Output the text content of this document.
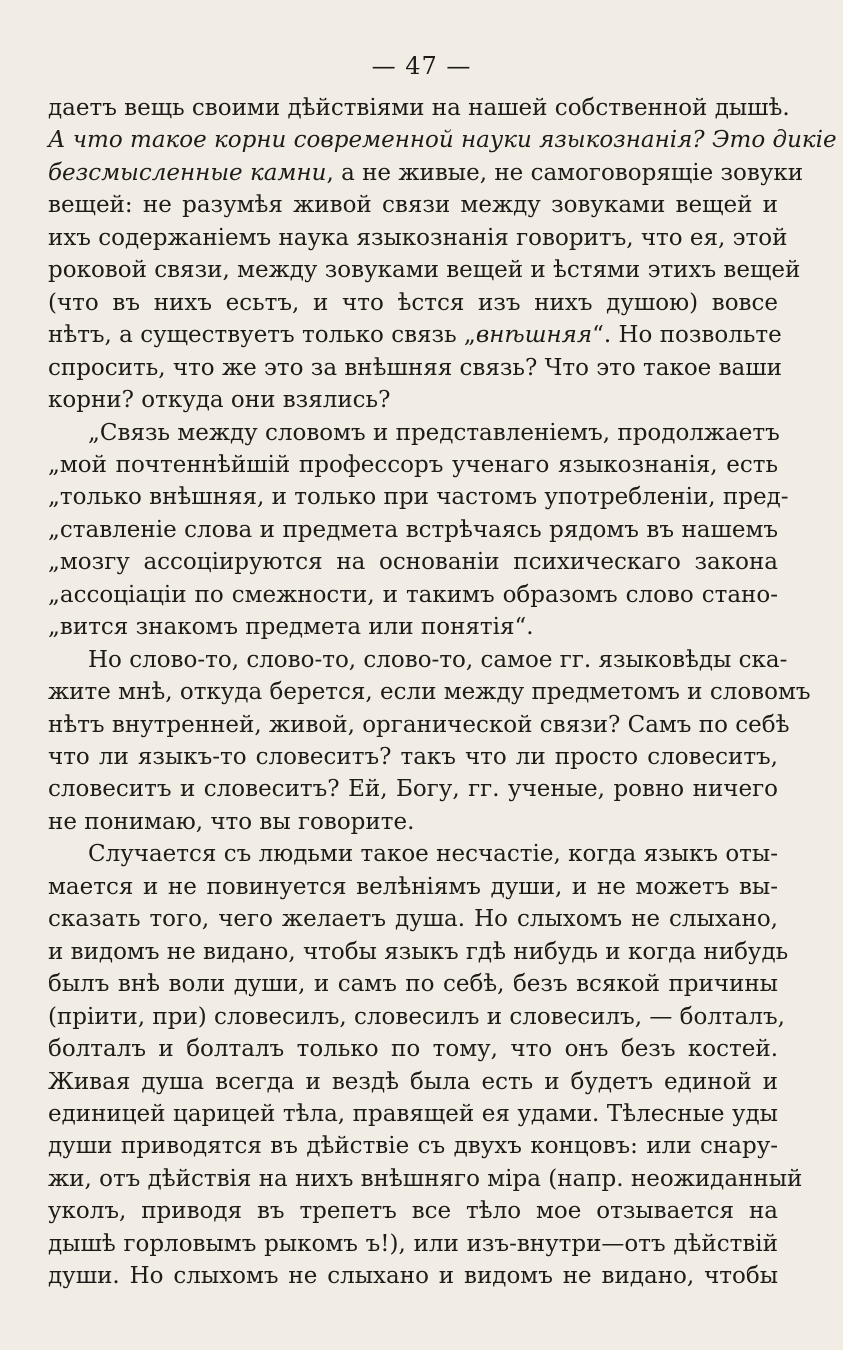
— 47 —
даетъ вещь своими дѣйствiями на нашей собственной дышѣ.
А что такое корни современной науки языкознанiя? Это дикiе
безсмысленные камни, а не живые, не самоговорящiе зовуки
вещей: не разумѣя живой связи между зовуками вещей и
ихъ содержанiемъ наука языкознанiя говоритъ, что ея, этой
роковой связи, между зовуками вещей и ѣстями этихъ вещей
(что въ нихъ есьтъ, и что ѣстся изъ нихъ душою) вовсе
нѣтъ, а существуетъ только связь „внѣшняя“. Но позвольте
спросить, что же это за внѣшняя связь? Что это такое ваши
корни? откуда они взялись?
„Связь между словомъ и представленiемъ, продолжаетъ
„мой почтеннѣйшiй профессоръ ученаго языкознанiя, есть
„только внѣшняя, и только при частомъ употребленiи, пред-
„ставленiе слова и предмета встрѣчаясь рядомъ въ нашемъ
„мозгу ассоцiируются на основанiи психическаго закона
„ассоцiацiи по смежности, и такимъ образомъ слово стано-
„вится знакомъ предмета или понятiя“.
Но слово-то, слово-то, слово-то, самое гг. языковѣды ска-
жите мнѣ, откуда берется, если между предметомъ и словомъ
нѣтъ внутренней, живой, органической связи? Самъ по себѣ
что ли языкъ-то словеситъ? такъ что ли просто словеситъ,
словеситъ и словеситъ? Ей, Богу, гг. ученые, ровно ничего
не понимаю, что вы говорите.
Случается съ людьми такое несчастiе, когда языкъ оты-
мается и не повинуется велѣнiямъ души, и не можетъ вы-
сказать того, чего желаетъ душа. Но слыхомъ не слыхано,
и видомъ не видано, чтобы языкъ гдѣ нибудь и когда нибудь
былъ внѣ воли души, и самъ по себѣ, безъ всякой причины
(прiити, при) словесилъ, словесилъ и словесилъ, — болталъ,
болталъ и болталъ только по тому, что онъ безъ костей.
Живая душа всегда и вездѣ была есть и будетъ единой и
единицей царицей тѣла, правящей ея удами. Тѣлесные уды
души приводятся въ дѣйствiе съ двухъ концовъ: или снару-
жи, отъ дѣйствiя на нихъ внѣшняго мiра (напр. неожиданный
уколъ, приводя въ трепетъ все тѣло мое отзывается на
дышѣ горловымъ рыкомъ ъ!), или изъ-внутри—отъ дѣйствiй
души. Но слыхомъ не слыхано и видомъ не видано, чтобы
